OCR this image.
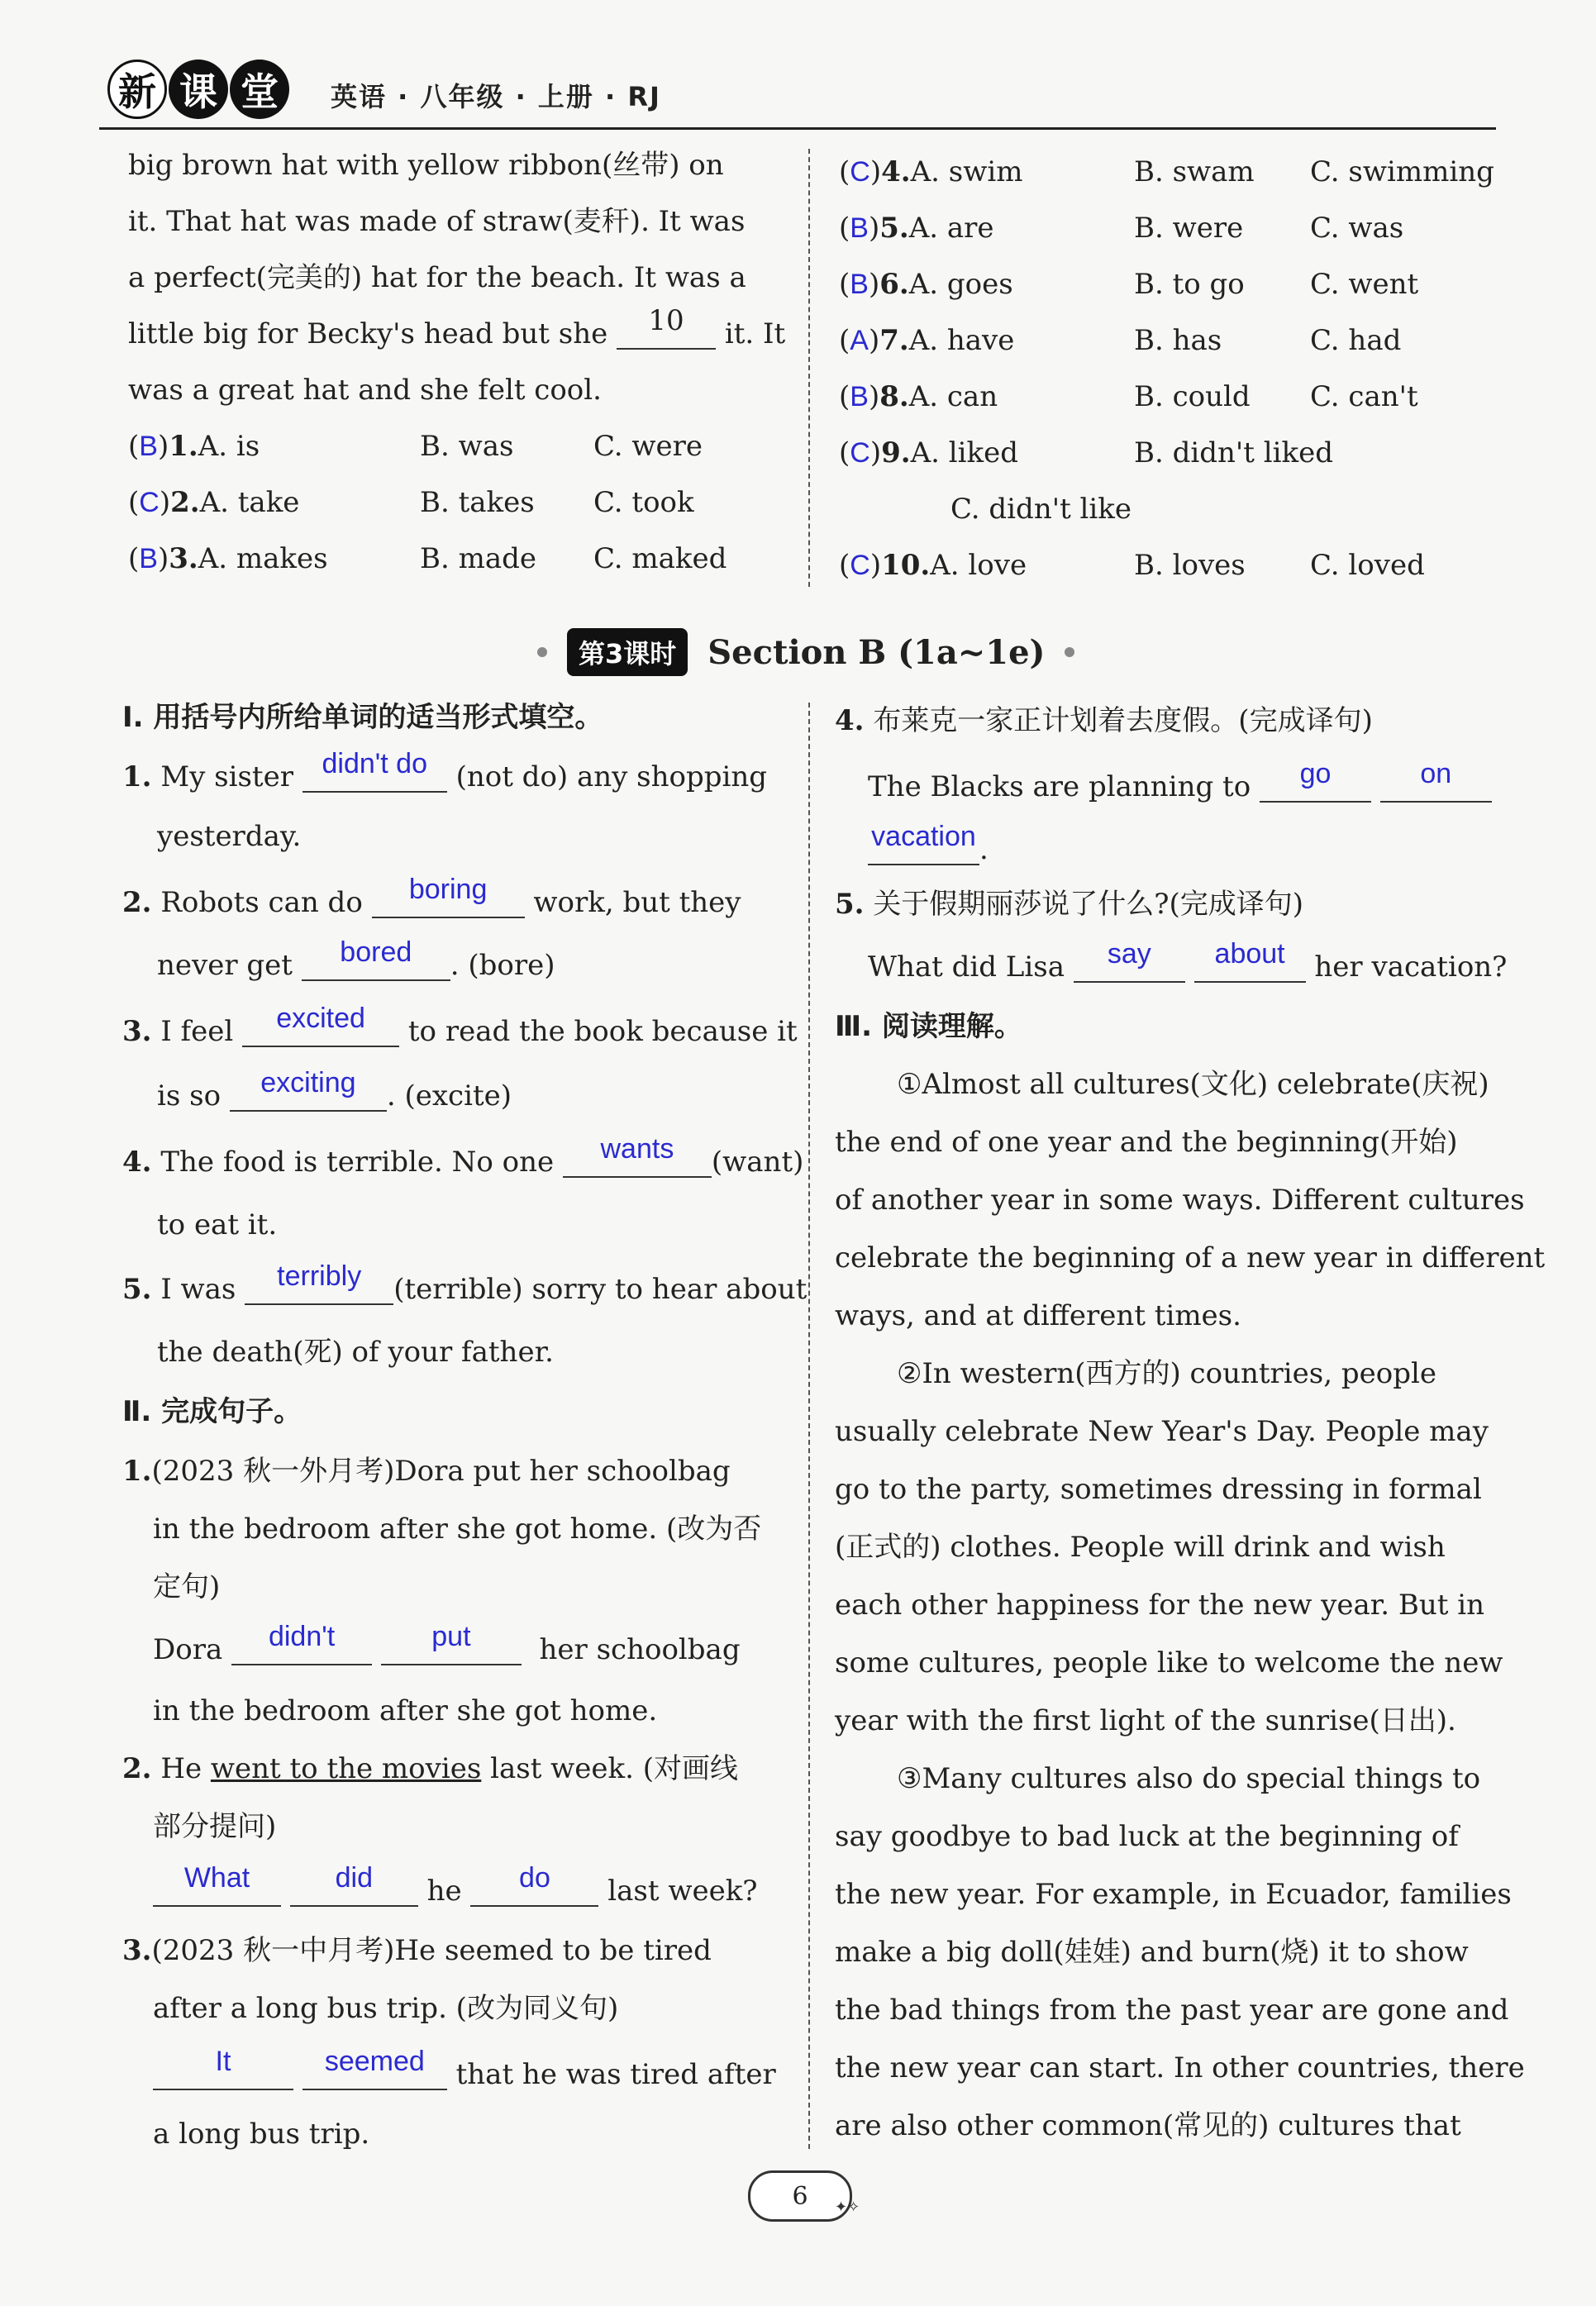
新 课 堂	英语 · 八年级 · 上册 · RJ
big brown hat with yellow ribbon(丝带) on
it. That hat was made of straw(麦秆). It was
a perfect(完美的) hat for the beach. It was a
little big for Becky's head but she 10 it. It
was a great hat and she felt cool.
(B)1.A. is	B. was	C. were
(C)2.A. take	B. takes C. took
(B)3.A. makes	B. made C. maked
(C)4.A. swim	B. swam C. swimming
(B)5.A. are	B. were C. was
(B)6.A. goes	B. to go C. went
(A)7.A. have	B. has	C. had
(B)8.A. can	B. could C. can't
(C)9.A. liked	B. didn't liked
C. didn't like
(C)10.A. love	B. loves C. loved
第3课时 Section B (1a~1e)
Ⅰ. 用括号内所给单词的适当形式填空。
1. My sister didn't do (not do) any shopping
yesterday.
2. Robots can do boring work, but they
never get bored . (bore)
3. I feel excited to read the book because it
is so exciting . (excite)
4. The food is terrible. No one wants (want)
to eat it.
5. I was terribly (terrible) sorry to hear about
the death(死) of your father.
Ⅱ. 完成句子。
1.(2023 秋一外月考)Dora put her schoolbag
in the bedroom after she got home. (改为否
定句)
Dora didn't	put her schoolbag
in the bedroom after she got home.
2. He went to the movies last week. (对画线
部分提问)
What	did he do last week?
3.(2023 秋一中月考)He seemed to be tired
after a long bus trip. (改为同义句)
It	seemed that he was tired after
a long bus trip.
4. 布莱克一家正计划着去度假。(完成译句)
The Blacks are planning to go	on
vacation .
5. 关于假期丽莎说了什么?(完成译句)
What did Lisa say about her vacation?
Ⅲ. 阅读理解。
①Almost all cultures(文化) celebrate(庆祝)
the end of one year and the beginning(开始)
of another year in some ways. Different cultures
celebrate the beginning of a new year in different
ways, and at different times.
②In western(西方的) countries, people
usually celebrate New Year's Day. People may
go to the party, sometimes dressing in formal
(正式的) clothes. People will drink and wish
each other happiness for the new year. But in
some cultures, people like to welcome the new
year with the first light of the sunrise(日出).
③Many cultures also do special things to
say goodbye to bad luck at the beginning of
the new year. For example, in Ecuador, families
make a big doll(娃娃) and burn(烧) it to show
the bad things from the past year are gone and
the new year can start. In other countries, there
are also other common(常见的) cultures that
6	✦✧
